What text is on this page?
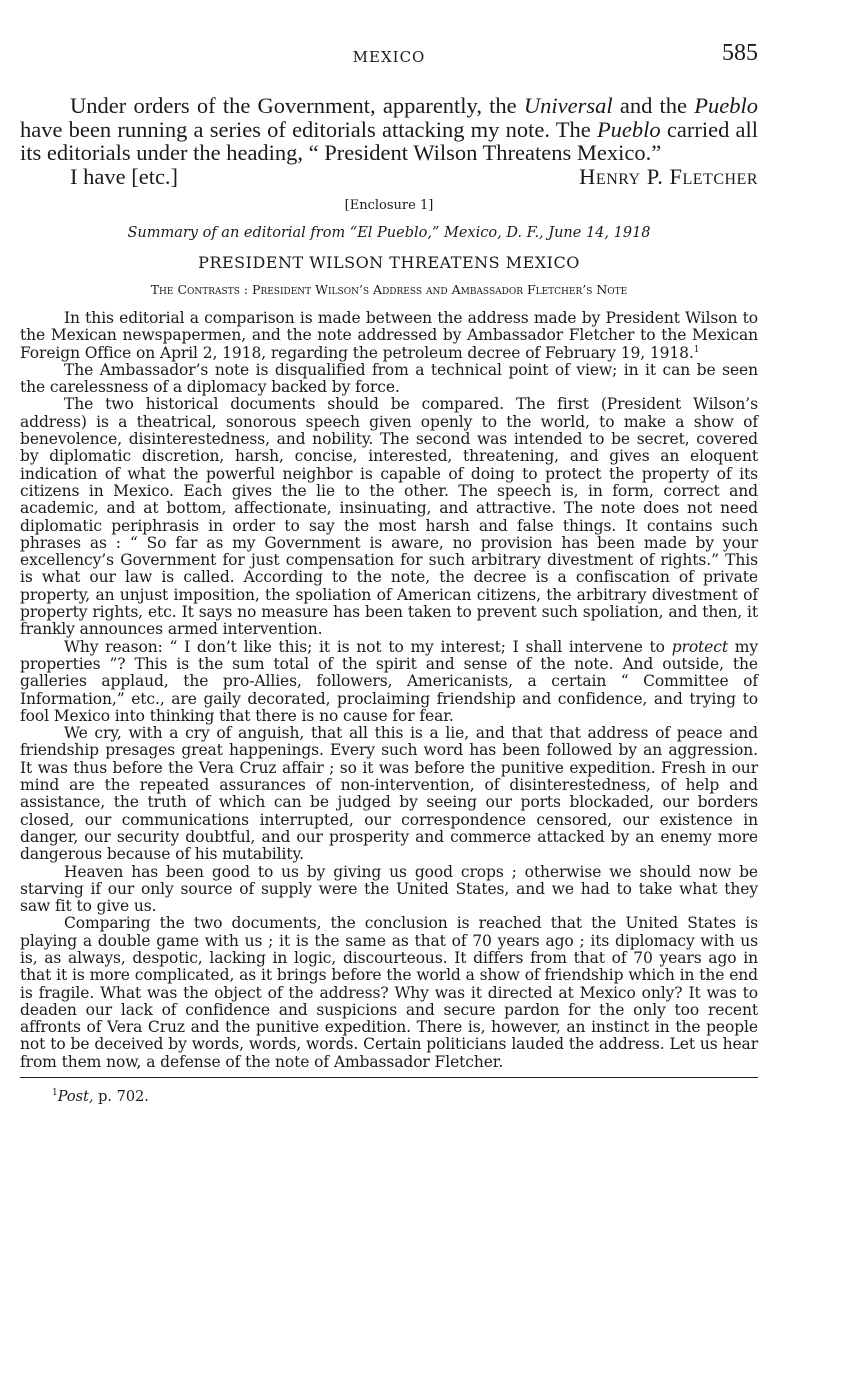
MEXICO	585

Under orders of the Government, apparently, the Universal and the Pueblo have been running a series of editorials attacking my note. The Pueblo carried all its editorials under the heading, “ President Wilson Threatens Mexico.”

I have [etc.]	Henry P. Fletcher
[Enclosure 1]
Summary of an editorial from “El Pueblo,” Mexico, D. F., June 14, 1918
PRESIDENT WILSON THREATENS MEXICO
The Contrasts : President Wilson’s Address and Ambassador Fletcher’s Note

In this editorial a comparison is made between the address made by President Wilson to the Mexican newspapermen, and the note addressed by Ambassador Fletcher to the Mexican Foreign Office on April 2, 1918, regarding the petroleum decree of February 19, 1918.$^1$

The Ambassador’s note is disqualified from a technical point of view; in it can be seen the carelessness of a diplomacy backed by force.

The two historical documents should be compared. The first (President Wilson’s address) is a theatrical, sonorous speech given openly to the world, to make a show of benevolence, disinterestedness, and nobility. The second was intended to be secret, covered by diplomatic discretion, harsh, concise, interested, threatening, and gives an eloquent indication of what the powerful neighbor is capable of doing to protect the property of its citizens in Mexico. Each gives the lie to the other. The speech is, in form, correct and academic, and at bottom, affectionate, insinuating, and attractive. The note does not need diplomatic periphrasis in order to say the most harsh and false things. It contains such phrases as : “ So far as my Government is aware, no provision has been made by your excellency’s Government for just compensation for such arbitrary divestment of rights.” This is what our law is called. According to the note, the decree is a confiscation of private property, an unjust imposition, the spoliation of American citizens, the arbitrary divestment of property rights, etc. It says no measure has been taken to prevent such spoliation, and then, it frankly announces armed intervention.

Why reason: “ I don’t like this; it is not to my interest; I shall intervene to protect my properties ”? This is the sum total of the spirit and sense of the note. And outside, the galleries applaud, the pro-Allies, followers, Americanists, a certain “ Committee of Information,” etc., are gaily decorated, proclaiming friendship and confidence, and trying to fool Mexico into thinking that there is no cause for fear.

We cry, with a cry of anguish, that all this is a lie, and that that address of peace and friendship presages great happenings. Every such word has been followed by an aggression. It was thus before the Vera Cruz affair ; so it was before the punitive expedition. Fresh in our mind are the repeated assurances of non-intervention, of disinterestedness, of help and assistance, the truth of which can be judged by seeing our ports blockaded, our borders closed, our communications interrupted, our correspondence censored, our existence in danger, our security doubtful, and our prosperity and commerce attacked by an enemy more dangerous because of his mutability.

Heaven has been good to us by giving us good crops ; otherwise we should now be starving if our only source of supply were the United States, and we had to take what they saw fit to give us.

Comparing the two documents, the conclusion is reached that the United States is playing a double game with us ; it is the same as that of 70 years ago ; its diplomacy with us is, as always, despotic, lacking in logic, discourteous. It differs from that of 70 years ago in that it is more complicated, as it brings before the world a show of friendship which in the end is fragile. What was the object of the address? Why was it directed at Mexico only? It was to deaden our lack of confidence and suspicions and secure pardon for the only too recent affronts of Vera Cruz and the punitive expedition. There is, however, an instinct in the people not to be deceived by words, words, words. Certain politicians lauded the address. Let us hear from them now, a defense of the note of Ambassador Fletcher.

$^1$Post, p. 702.
